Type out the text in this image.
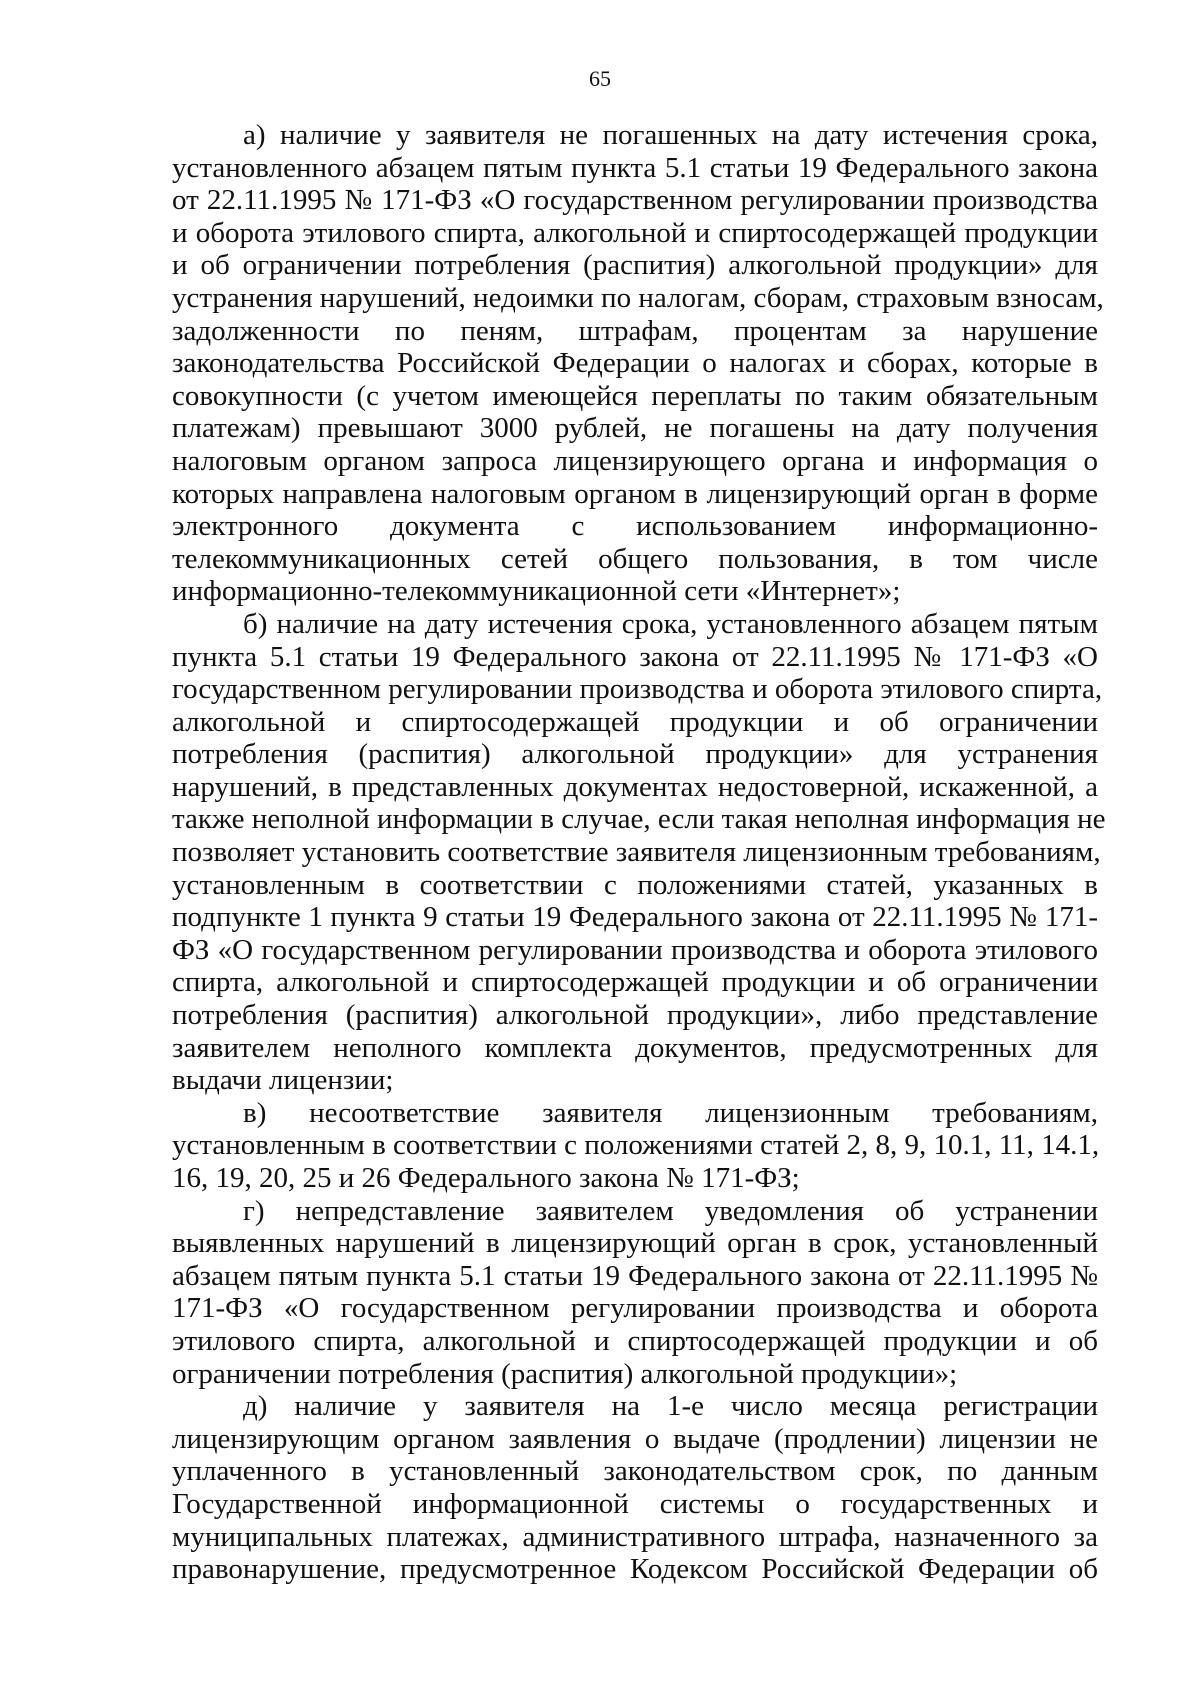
65
а) наличие у заявителя не погашенных на дату истечения срока,
установленного абзацем пятым пункта 5.1 статьи 19 Федерального закона
от 22.11.1995 № 171-ФЗ «О государственном регулировании производства
и оборота этилового спирта, алкогольной и спиртосодержащей продукции
и об ограничении потребления (распития) алкогольной продукции» для
устранения нарушений, недоимки по налогам, сборам, страховым взносам,
задолженности по пеням, штрафам, процентам за нарушение
законодательства Российской Федерации о налогах и сборах, которые в
совокупности (с учетом имеющейся переплаты по таким обязательным
платежам) превышают 3000 рублей, не погашены на дату получения
налоговым органом запроса лицензирующего органа и информация о
которых направлена налоговым органом в лицензирующий орган в форме
электронного документа с использованием информационно-
телекоммуникационных сетей общего пользования, в том числе
информационно-телекоммуникационной сети «Интернет»;
б) наличие на дату истечения срока, установленного абзацем пятым
пункта 5.1 статьи 19 Федерального закона от 22.11.1995 № 171-ФЗ «О
государственном регулировании производства и оборота этилового спирта,
алкогольной и спиртосодержащей продукции и об ограничении
потребления (распития) алкогольной продукции» для устранения
нарушений, в представленных документах недостоверной, искаженной, а
также неполной информации в случае, если такая неполная информация не
позволяет установить соответствие заявителя лицензионным требованиям,
установленным в соответствии с положениями статей, указанных в
подпункте 1 пункта 9 статьи 19 Федерального закона от 22.11.1995 № 171-
ФЗ «О государственном регулировании производства и оборота этилового
спирта, алкогольной и спиртосодержащей продукции и об ограничении
потребления (распития) алкогольной продукции», либо представление
заявителем неполного комплекта документов, предусмотренных для
выдачи лицензии;
в) несоответствие заявителя лицензионным требованиям,
установленным в соответствии с положениями статей 2, 8, 9, 10.1, 11, 14.1,
16, 19, 20, 25 и 26 Федерального закона № 171-ФЗ;
г) непредставление заявителем уведомления об устранении
выявленных нарушений в лицензирующий орган в срок, установленный
абзацем пятым пункта 5.1 статьи 19 Федерального закона от 22.11.1995 №
171-ФЗ «О государственном регулировании производства и оборота
этилового спирта, алкогольной и спиртосодержащей продукции и об
ограничении потребления (распития) алкогольной продукции»;
д) наличие у заявителя на 1-е число месяца регистрации
лицензирующим органом заявления о выдаче (продлении) лицензии не
уплаченного в установленный законодательством срок, по данным
Государственной информационной системы о государственных и
муниципальных платежах, административного штрафа, назначенного за
правонарушение, предусмотренное Кодексом Российской Федерации об
